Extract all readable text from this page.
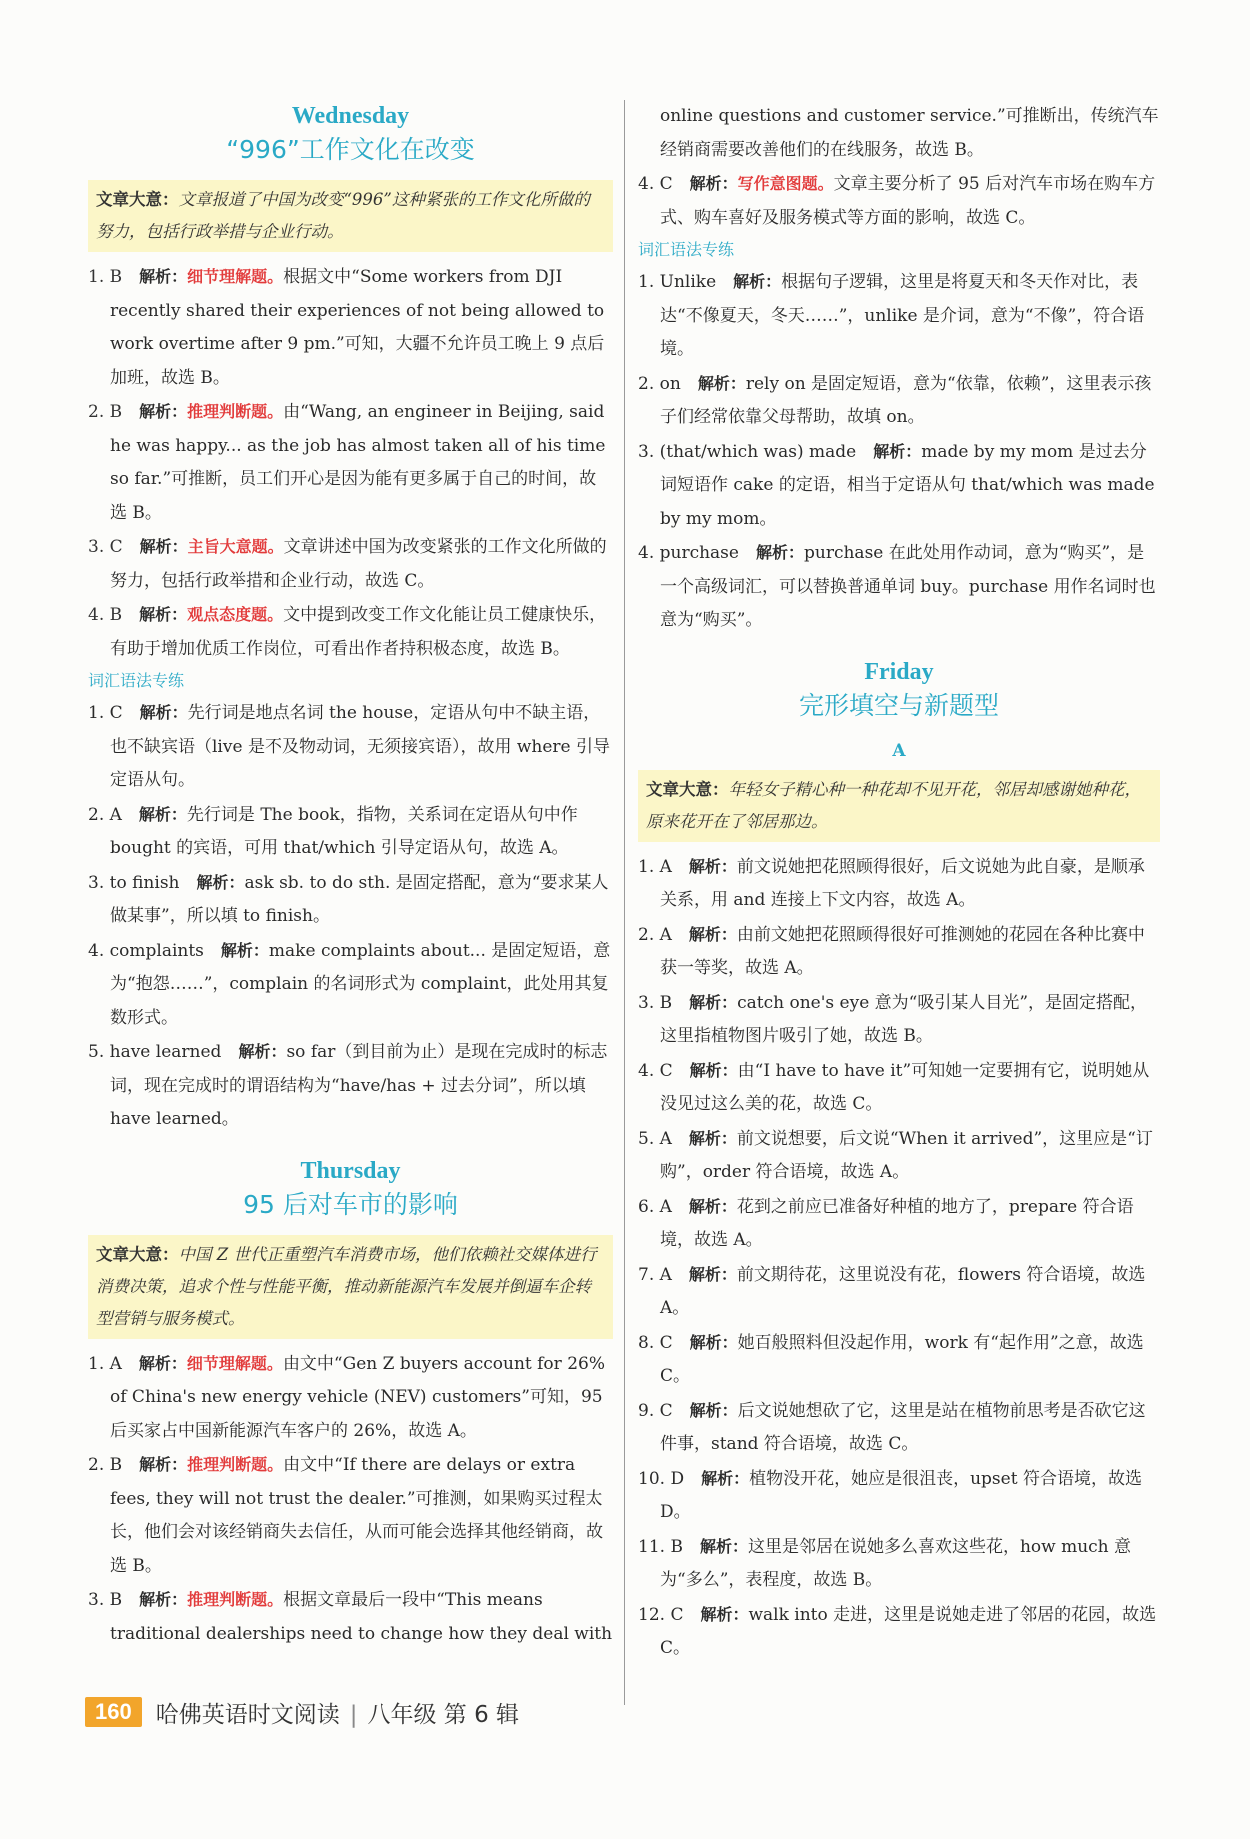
Wednesday
“996”工作文化在改变
文章大意：文章报道了中国为改变“996”这种紧张的工作文化所做的努力，包括行政举措与企业行动。

1. B　 解析：细节理解题。根据文中“Some workers from DJI recently shared their experiences of not being allowed to work overtime after 9 pm.”可知，大疆不允许员工晚上 9 点后加班，故选 B。

2. B　 解析：推理判断题。由“Wang, an engineer in Beijing, said he was happy... as the job has almost taken all of his time so far.”可推断，员工们开心是因为能有更多属于自己的时间，故选 B。

3. C　 解析：主旨大意题。文章讲述中国为改变紧张的工作文化所做的努力，包括行政举措和企业行动，故选 C。

4. B　 解析：观点态度题。文中提到改变工作文化能让员工健康快乐，有助于增加优质工作岗位，可看出作者持积极态度，故选 B。

词汇语法专练

1. C　 解析：先行词是地点名词 the house，定语从句中不缺主语，也不缺宾语（live 是不及物动词，无须接宾语），故用 where 引导定语从句。

2. A　 解析：先行词是 The book，指物，关系词在定语从句中作 bought 的宾语，可用 that/which 引导定语从句，故选 A。

3. to finish　 解析：ask sb. to do sth. 是固定搭配，意为“要求某人做某事”，所以填 to finish。

4. complaints　 解析：make complaints about... 是固定短语，意为“抱怨……”，complain 的名词形式为 complaint，此处用其复数形式。

5. have learned　 解析：so far（到目前为止）是现在完成时的标志词，现在完成时的谓语结构为“have/has + 过去分词”，所以填 have learned。

Thursday
95 后对车市的影响
文章大意：中国 Z 世代正重塑汽车消费市场，他们依赖社交媒体进行消费决策，追求个性与性能平衡，推动新能源汽车发展并倒逼车企转型营销与服务模式。

1. A　 解析：细节理解题。由文中“Gen Z buyers account for 26% of China's new energy vehicle (NEV) customers”可知，95 后买家占中国新能源汽车客户的 26%，故选 A。

2. B　 解析：推理判断题。由文中“If there are delays or extra fees, they will not trust the dealer.”可推测，如果购买过程太长，他们会对该经销商失去信任，从而可能会选择其他经销商，故选 B。

3. B　 解析：推理判断题。根据文章最后一段中“This means traditional dealerships need to change how they deal with

online questions and customer service.”可推断出，传统汽车经销商需要改善他们的在线服务，故选 B。

4. C　 解析：写作意图题。文章主要分析了 95 后对汽车市场在购车方式、购车喜好及服务模式等方面的影响，故选 C。

词汇语法专练

1. Unlike　 解析：根据句子逻辑，这里是将夏天和冬天作对比，表达“不像夏天，冬天……”，unlike 是介词，意为“不像”，符合语境。

2. on　 解析：rely on 是固定短语，意为“依靠，依赖”，这里表示孩子们经常依靠父母帮助，故填 on。

3. (that/which was) made　 解析：made by my mom 是过去分词短语作 cake 的定语，相当于定语从句 that/which was made by my mom。

4. purchase　 解析：purchase 在此处用作动词，意为“购买”，是一个高级词汇，可以替换普通单词 buy。purchase 用作名词时也意为“购买”。

Friday
完形填空与新题型
A
文章大意：年轻女子精心种一种花却不见开花，邻居却感谢她种花，原来花开在了邻居那边。

1. A　 解析：前文说她把花照顾得很好，后文说她为此自豪，是顺承关系，用 and 连接上下文内容，故选 A。

2. A　 解析：由前文她把花照顾得很好可推测她的花园在各种比赛中获一等奖，故选 A。

3. B　 解析：catch one's eye 意为“吸引某人目光”，是固定搭配，这里指植物图片吸引了她，故选 B。

4. C　 解析：由“I have to have it”可知她一定要拥有它，说明她从没见过这么美的花，故选 C。

5. A　 解析：前文说想要，后文说“When it arrived”，这里应是“订购”，order 符合语境，故选 A。

6. A　 解析：花到之前应已准备好种植的地方了，prepare 符合语境，故选 A。

7. A　 解析：前文期待花，这里说没有花，flowers 符合语境，故选 A。

8. C　 解析：她百般照料但没起作用，work 有“起作用”之意，故选 C。

9. C　 解析：后文说她想砍了它，这里是站在植物前思考是否砍它这件事，stand 符合语境，故选 C。

10. D　 解析：植物没开花，她应是很沮丧，upset 符合语境，故选 D。

11. B　 解析：这里是邻居在说她多么喜欢这些花，how much 意为“多么”，表程度，故选 B。

12. C　 解析：walk into 走进，这里是说她走进了邻居的花园，故选 C。

160	哈佛英语时文阅读 | 八年级 第 6 辑
